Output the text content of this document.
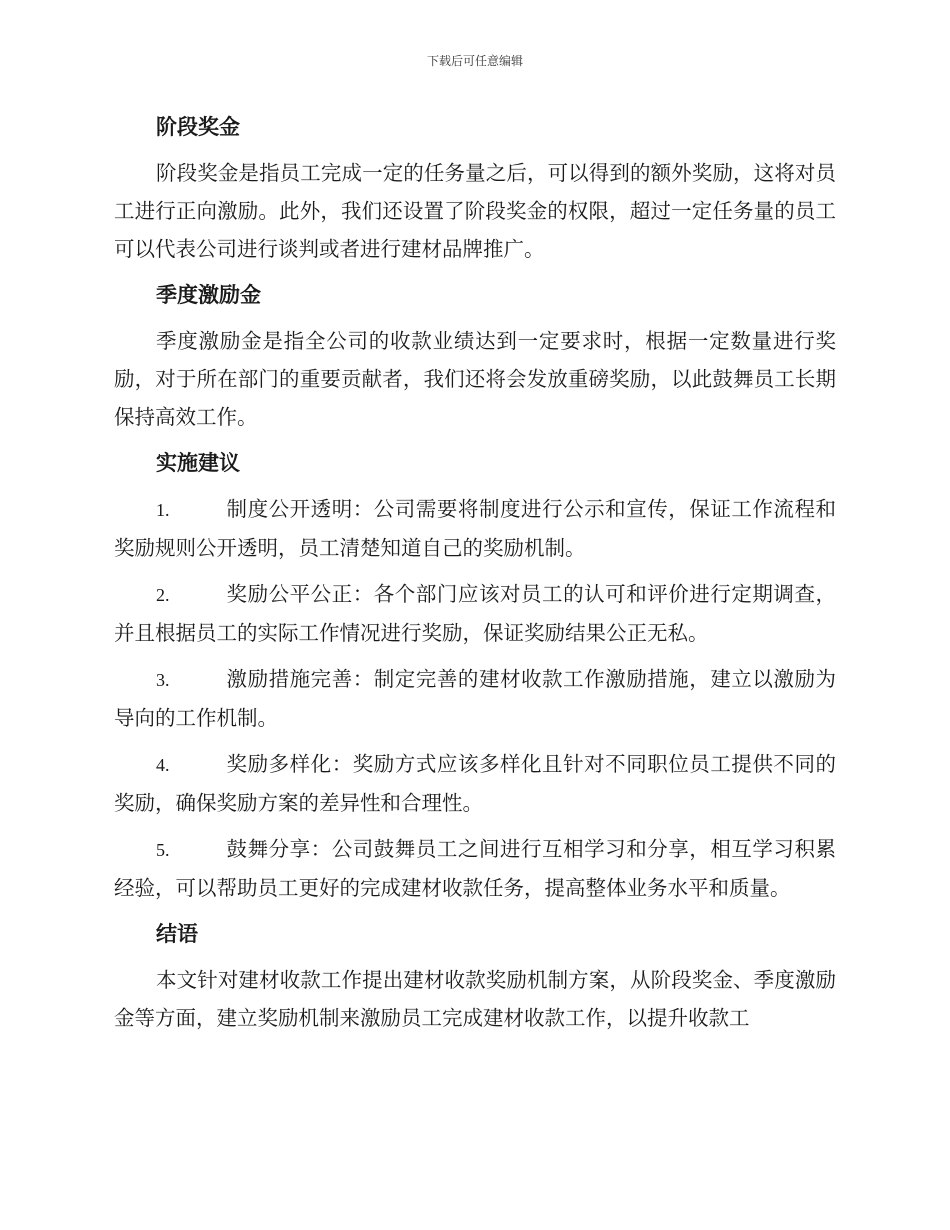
下载后可任意编辑
阶段奖金

阶段奖金是指员工完成一定的任务量之后，可以得到的额外奖励，这将对员工进行正向激励。此外，我们还设置了阶段奖金的权限，超过一定任务量的员工可以代表公司进行谈判或者进行建材品牌推广。

季度激励金

季度激励金是指全公司的收款业绩达到一定要求时，根据一定数量进行奖励，对于所在部门的重要贡献者，我们还将会发放重磅奖励，以此鼓舞员工长期保持高效工作。

实施建议

1.	制度公开透明：公司需要将制度进行公示和宣传，保证工作流程和奖励规则公开透明，员工清楚知道自己的奖励机制。

2.	奖励公平公正：各个部门应该对员工的认可和评价进行定期调查，并且根据员工的实际工作情况进行奖励，保证奖励结果公正无私。

3.	激励措施完善：制定完善的建材收款工作激励措施，建立以激励为导向的工作机制。

4.	奖励多样化：奖励方式应该多样化且针对不同职位员工提供不同的奖励，确保奖励方案的差异性和合理性。

5.	鼓舞分享：公司鼓舞员工之间进行互相学习和分享，相互学习积累经验，可以帮助员工更好的完成建材收款任务，提高整体业务水平和质量。

结语

本文针对建材收款工作提出建材收款奖励机制方案，从阶段奖金、季度激励金等方面，建立奖励机制来激励员工完成建材收款工作，以提升收款工
